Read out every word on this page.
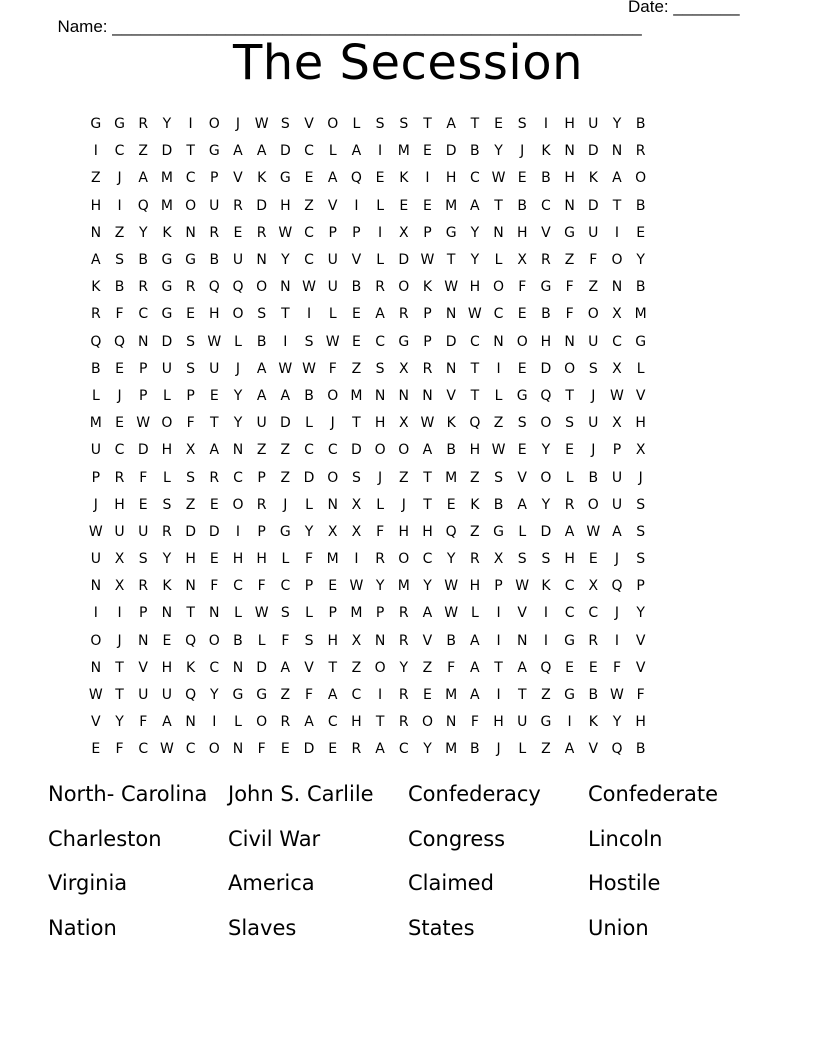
Name: ________________________________________________________

Date: _______

The Secession
G G R	Y	I	O	J	W S	V O	L	S	S	T	A	T	E	S	I	H U	Y	B
I	C	Z D	T G A	A D C	L	A	I	M E D B	Y	J	K N D N R
Z	J	A M C	P	V	K G E	A Q E	K	I	H C W E	B H K	A O
H	I	Q M O U R D H Z	V	I	L	E	E M A	T	B	C N D	T	B
N Z	Y	K N R	E	R W C	P	P	I	X	P	G Y	N H V G U	I	E
A	S	B G G B U N	Y	C U V	L	D W T	Y	L	X	R	Z	F	O Y
K	B	R G R Q Q O N W U B	R O K W H O	F	G	F	Z N B
R	F	C G E	H O S	T	I	L	E	A	R	P	N W C	E	B	F	O X M
Q Q N D S W L	B	I	S W E	C G	P	D C N O H N U C G
B	E	P	U	S	U	J	A W W F	Z	S	X	R N	T	I	E D O S	X	L
L	J	P	L	P	E	Y	A	A	B O M N N N V	T	L	G Q T	J	W V
M E W O	F	T	Y	U D	L	J	T	H X W K Q Z	S O S	U X H
U C D H X	A N Z	Z	C C D O O A	B H W E	Y	E	J	P	X
P	R	F	L	S	R C	P	Z D O S	J	Z	T M Z	S	V O	L	B U	J
J	H E	S	Z	E O R	J	L	N X	L	J	T	E	K	B	A	Y	R O U	S
W U U R D D	I	P	G Y	X	X	F	H H Q Z G	L	D A W A	S
U X	S	Y	H E	H H	L	F M	I	R O C	Y	R	X	S	S H E	J	S
N X	R	K N	F	C	F	C	P	E W Y M Y W H	P W K	C	X Q P
I	I	P	N	T	N	L W S	L	P M P	R	A W L	I	V	I	C C	J	Y
O	J	N	E Q O B	L	F	S H X N R	V	B	A	I	N	I	G R	I	V
N	T	V H K	C N D A	V	T	Z O Y	Z	F	A	T	A Q E	E	F	V
W T	U U Q Y G G Z	F	A	C	I	R	E M A	I	T	Z G B W F
V	Y	F	A N	I	L	O R	A	C H	T	R O N	F	H U G	I	K	Y	H
E	F	C W C O N	F	E D E	R	A	C	Y M B	J	L	Z	A	V Q B
North- Carolina John S. Carlile	Confederacy	Confederate
Charleston	Civil War	Congress	Lincoln
Virginia	America	Claimed	Hostile
Nation	Slaves	States	Union
